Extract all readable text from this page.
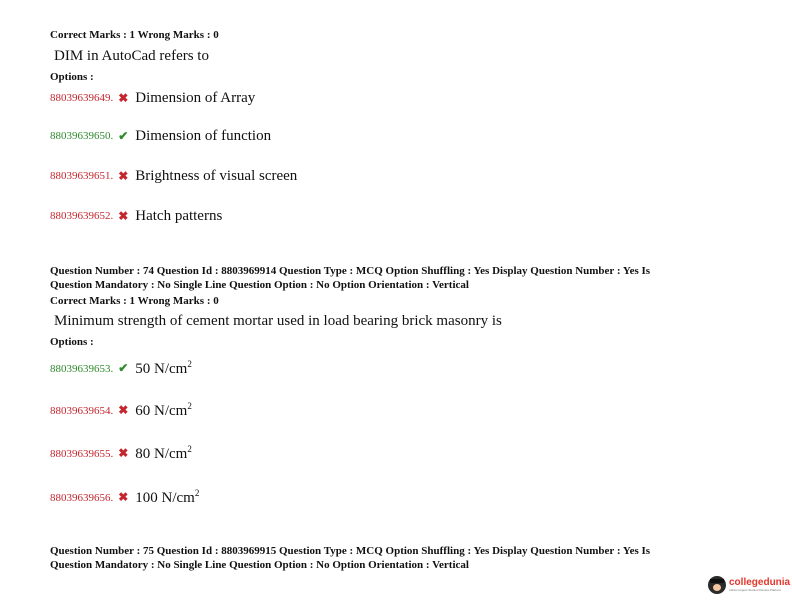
Correct Marks : 1 Wrong Marks : 0
DIM in AutoCad refers to
Options :
88039639649. ✖ Dimension of Array
88039639650. ✔ Dimension of function
88039639651. ✖ Brightness of visual screen
88039639652. ✖ Hatch patterns
Question Number : 74 Question Id : 8803969914 Question Type : MCQ Option Shuffling : Yes Display Question Number : Yes Is
Question Mandatory : No Single Line Question Option : No Option Orientation : Vertical
Correct Marks : 1 Wrong Marks : 0
Minimum strength of cement mortar used in load bearing brick masonry is
Options :
88039639653. ✔ 50 $N/cm^2$
88039639654. ✖ 60 $N/cm^2$
88039639655. ✖ 80 $N/cm^2$
88039639656. ✖ 100 $N/cm^2$
Question Number : 75 Question Id : 8803969915 Question Type : MCQ Option Shuffling : Yes Display Question Number : Yes Is
Question Mandatory : No Single Line Question Option : No Option Orientation : Vertical
collegedunia
India's largest Student Review Platform
